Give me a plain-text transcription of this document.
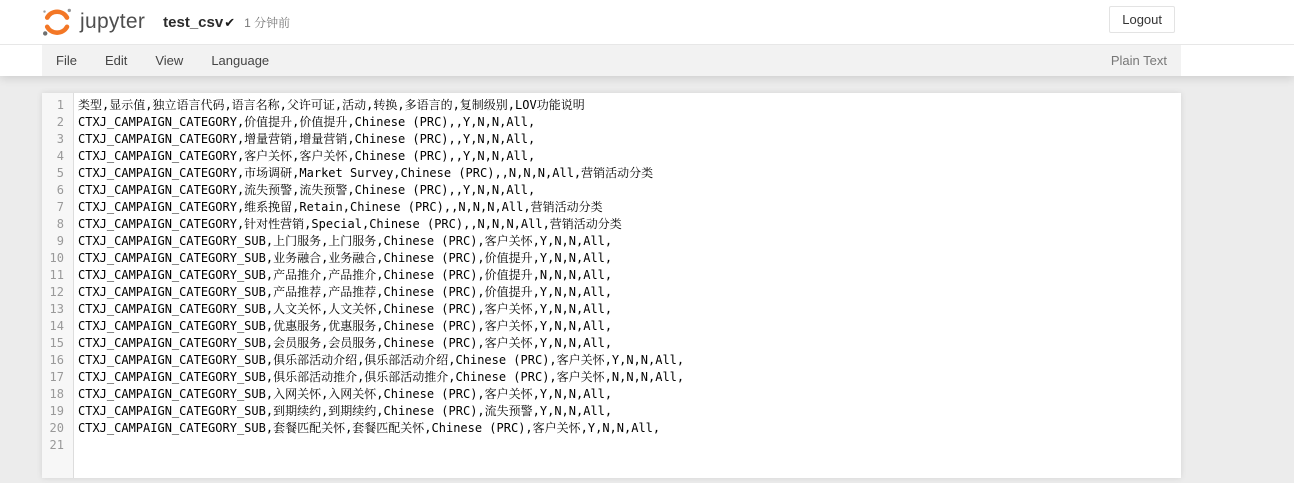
jupyter test_csv ✔ 1 分钟前	Logout
File	Edit	View	Language	Plain Text
1	类型,显示值,独立语言代码,语言名称,父许可证,活动,转换,多语言的,复制级别,LOV功能说明
2	CTXJ_CAMPAIGN_CATEGORY,价值提升,价值提升,Chinese (PRC),,Y,N,N,All,
3	CTXJ_CAMPAIGN_CATEGORY,增量营销,增量营销,Chinese (PRC),,Y,N,N,All,
4	CTXJ_CAMPAIGN_CATEGORY,客户关怀,客户关怀,Chinese (PRC),,Y,N,N,All,
5	CTXJ_CAMPAIGN_CATEGORY,市场调研,Market Survey,Chinese (PRC),,N,N,N,All,营销活动分类
6	CTXJ_CAMPAIGN_CATEGORY,流失预警,流失预警,Chinese (PRC),,Y,N,N,All,
7	CTXJ_CAMPAIGN_CATEGORY,维系挽留,Retain,Chinese (PRC),,N,N,N,All,营销活动分类
8	CTXJ_CAMPAIGN_CATEGORY,针对性营销,Special,Chinese (PRC),,N,N,N,All,营销活动分类
9	CTXJ_CAMPAIGN_CATEGORY_SUB,上门服务,上门服务,Chinese (PRC),客户关怀,Y,N,N,All,
10	CTXJ_CAMPAIGN_CATEGORY_SUB,业务融合,业务融合,Chinese (PRC),价值提升,Y,N,N,All,
11	CTXJ_CAMPAIGN_CATEGORY_SUB,产品推介,产品推介,Chinese (PRC),价值提升,N,N,N,All,
12	CTXJ_CAMPAIGN_CATEGORY_SUB,产品推荐,产品推荐,Chinese (PRC),价值提升,Y,N,N,All,
13	CTXJ_CAMPAIGN_CATEGORY_SUB,人文关怀,人文关怀,Chinese (PRC),客户关怀,Y,N,N,All,
14	CTXJ_CAMPAIGN_CATEGORY_SUB,优惠服务,优惠服务,Chinese (PRC),客户关怀,Y,N,N,All,
15	CTXJ_CAMPAIGN_CATEGORY_SUB,会员服务,会员服务,Chinese (PRC),客户关怀,Y,N,N,All,
16	CTXJ_CAMPAIGN_CATEGORY_SUB,俱乐部活动介绍,俱乐部活动介绍,Chinese (PRC),客户关怀,Y,N,N,All,
17	CTXJ_CAMPAIGN_CATEGORY_SUB,俱乐部活动推介,俱乐部活动推介,Chinese (PRC),客户关怀,N,N,N,All,
18	CTXJ_CAMPAIGN_CATEGORY_SUB,入网关怀,入网关怀,Chinese (PRC),客户关怀,Y,N,N,All,
19	CTXJ_CAMPAIGN_CATEGORY_SUB,到期续约,到期续约,Chinese (PRC),流失预警,Y,N,N,All,
20	CTXJ_CAMPAIGN_CATEGORY_SUB,套餐匹配关怀,套餐匹配关怀,Chinese (PRC),客户关怀,Y,N,N,All,
21
